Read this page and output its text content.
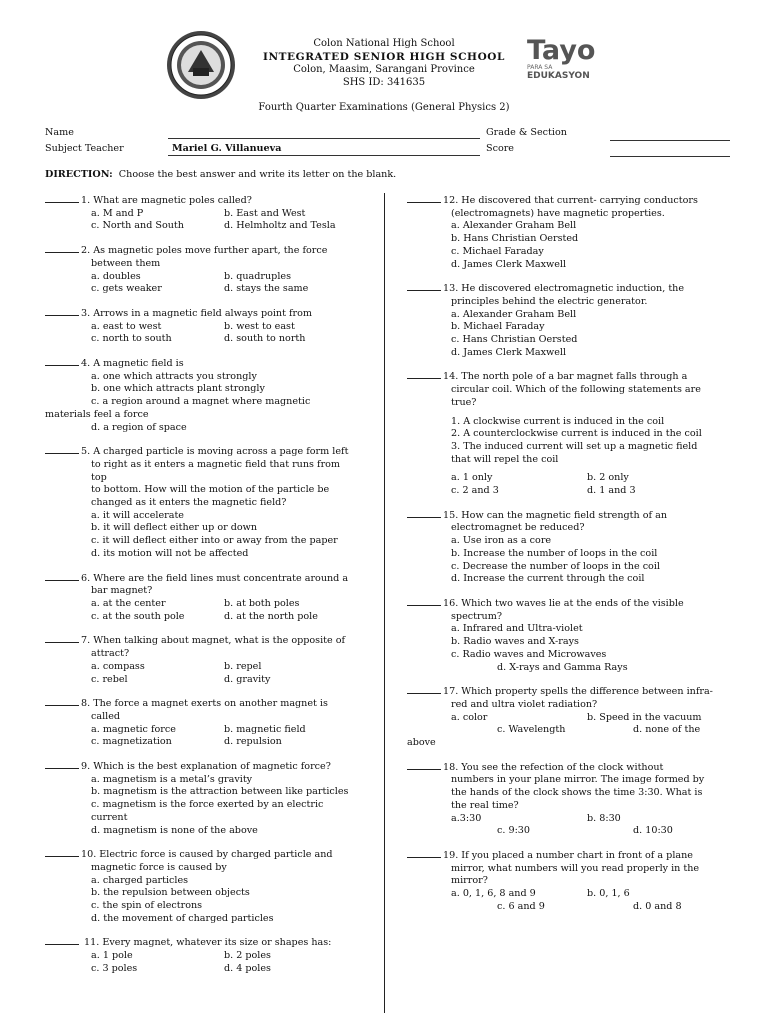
Tayo
PARA SA
EDUKASYON
Colon National High School
INTEGRATED SENIOR HIGH SCHOOL
Colon, Maasim, Sarangani Province
SHS ID: 341635
Fourth Quarter Examinations (General Physics 2)
Name
Subject Teacher	Mariel G. Villanueva
Grade & Section
Score
DIRECTION: Choose the best answer and write its letter on the blank.
1. What are magnetic poles called?
a. M and P	b. East and West
c. North and South	d. Helmholtz and Tesla
2. As magnetic poles move further apart, the force
between them
a. doubles	b. quadruples
c. gets weaker	d. stays the same
3. Arrows in a magnetic field always point from
a. east to west	b. west to east
c. north to south	d. south to north
4. A magnetic field is
a. one which attracts you strongly
b. one which attracts plant strongly
c. a region around a magnet where magnetic
materials feel a force
d. a region of space
5. A charged particle is moving across a page form left
to right as it enters a magnetic field that runs from top
to bottom. How will the motion of the particle be
changed as it enters the magnetic field?
a. it will accelerate
b. it will deflect either up or down
c. it will deflect either into or away from the paper
d. its motion will not be affected
6. Where are the field lines must concentrate around a
bar magnet?
a. at the center	b. at both poles
c. at the south pole	d. at the north pole
7. When talking about magnet, what is the opposite of
attract?
a. compass	b. repel
c. rebel	d. gravity
8. The force a magnet exerts on another magnet is
called
a. magnetic force	b. magnetic field
c. magnetization	d. repulsion
9. Which is the best explanation of magnetic force?
a. magnetism is a metal’s gravity
b. magnetism is the attraction between like particles
c. magnetism is the force exerted by an electric
current
d. magnetism is none of the above
10. Electric force is caused by charged particle and
magnetic force is caused by
a. charged particles
b. the repulsion between objects
c. the spin of electrons
d. the movement of charged particles
11. Every magnet, whatever its size or shapes has:
a. 1 pole	b. 2 poles
c. 3 poles	d. 4 poles
12. He discovered that current- carrying conductors
(electromagnets) have magnetic properties.
a. Alexander Graham Bell
b. Hans Christian Oersted
c. Michael Faraday
d. James Clerk Maxwell
13. He discovered electromagnetic induction, the
principles behind the electric generator.
a. Alexander Graham Bell
b. Michael Faraday
c. Hans Christian Oersted
d. James Clerk Maxwell
14. The north pole of a bar magnet falls through a
circular coil. Which of the following statements are
true?
1. A clockwise current is induced in the coil
2. A counterclockwise current is induced in the coil
3. The induced current will set up a magnetic field
that will repel the coil
a. 1 only	b. 2 only
c. 2 and 3	d. 1 and 3
15. How can the magnetic field strength of an
electromagnet be reduced?
a. Use iron as a core
b. Increase the number of loops in the coil
c. Decrease the number of loops in the coil
d. Increase the current through the coil
16. Which two waves lie at the ends of the visible
spectrum?
a. Infrared and Ultra-violet
b. Radio waves and X-rays
c. Radio waves and Microwaves
d. X-rays and Gamma Rays
17. Which property spells the difference between infra-
red and ultra violet radiation?
a. color	b. Speed in the vacuum
c. Wavelength	d. none of the
above
18. You see the refection of the clock without
numbers in your plane mirror. The image formed by
the hands of the clock shows the time 3:30. What is
the real time?
a.3:30	b. 8:30
c. 9:30	d. 10:30
19. If you placed a number chart in front of a plane
mirror, what numbers will you read properly in the
mirror?
a. 0, 1, 6, 8 and 9	b. 0, 1, 6
c. 6 and 9	d. 0 and 8
